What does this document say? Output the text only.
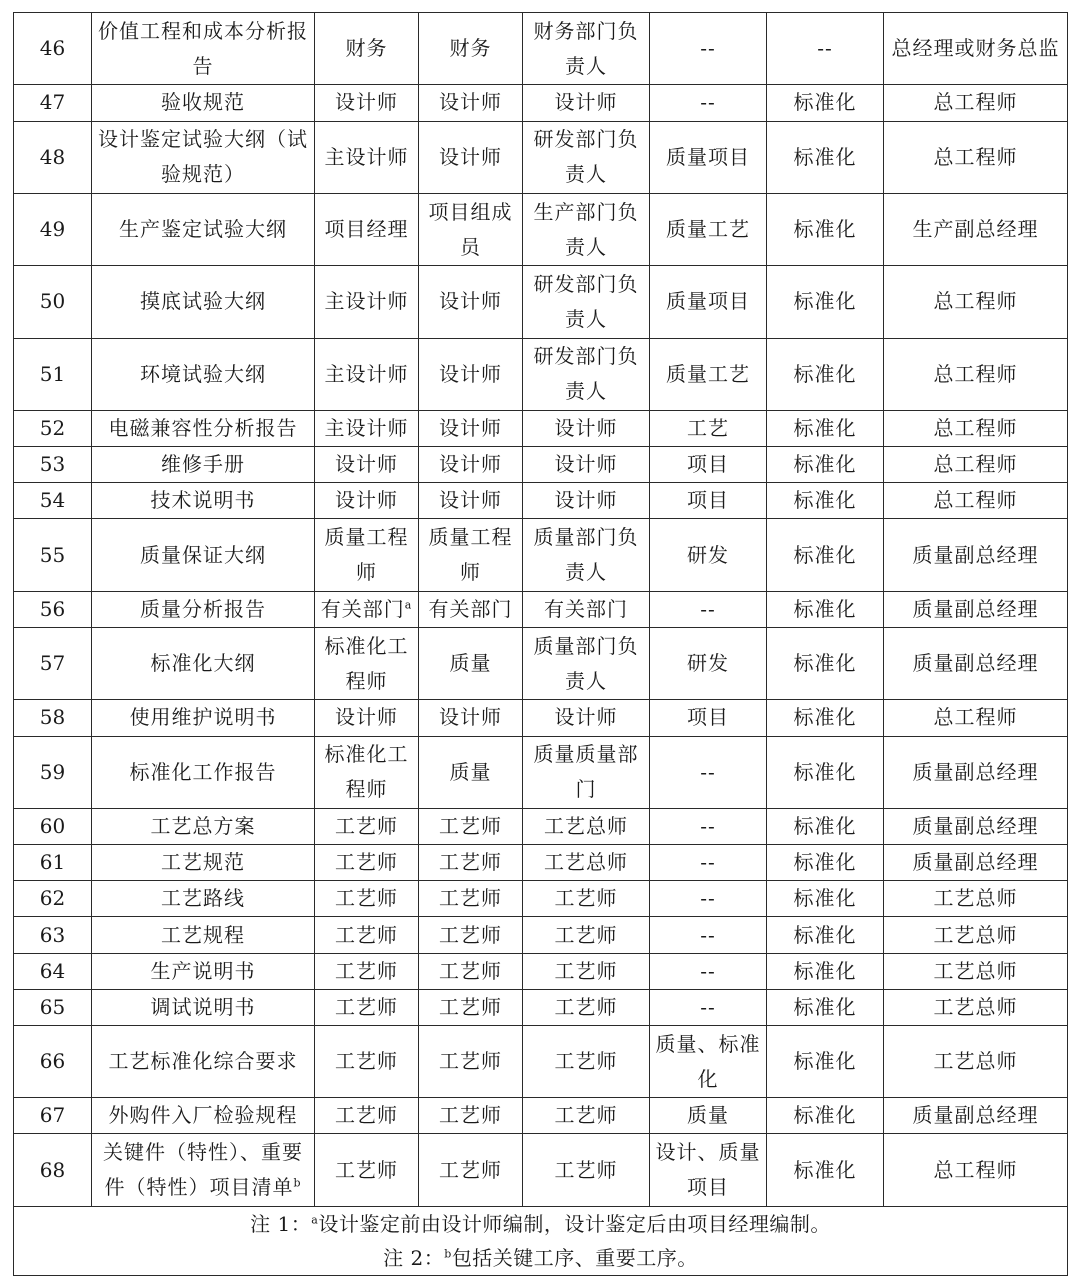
46	价值工程和成本分析报告	财务	财务	财务部门负责人	--	--	总经理或财务总监
47	验收规范	设计师	设计师	设计师	--	标准化	总工程师
48	设计鉴定试验大纲（试验规范）	主设计师	设计师	研发部门负责人	质量项目	标准化	总工程师
49	生产鉴定试验大纲	项目经理	项目组成员	生产部门负责人	质量工艺	标准化	生产副总经理
50	摸底试验大纲	主设计师	设计师	研发部门负责人	质量项目	标准化	总工程师
51	环境试验大纲	主设计师	设计师	研发部门负责人	质量工艺	标准化	总工程师
52	电磁兼容性分析报告	主设计师	设计师	设计师	工艺	标准化	总工程师
53	维修手册	设计师	设计师	设计师	项目	标准化	总工程师
54	技术说明书	设计师	设计师	设计师	项目	标准化	总工程师
55	质量保证大纲	质量工程师	质量工程师	质量部门负责人	研发	标准化	质量副总经理
56	质量分析报告	有关部门$^a$	有关部门	有关部门	--	标准化	质量副总经理
57	标准化大纲	标准化工程师	质量	质量部门负责人	研发	标准化	质量副总经理
58	使用维护说明书	设计师	设计师	设计师	项目	标准化	总工程师
59	标准化工作报告	标准化工程师	质量	质量质量部门	--	标准化	质量副总经理
60	工艺总方案	工艺师	工艺师	工艺总师	--	标准化	质量副总经理
61	工艺规范	工艺师	工艺师	工艺总师	--	标准化	质量副总经理
62	工艺路线	工艺师	工艺师	工艺师	--	标准化	工艺总师
63	工艺规程	工艺师	工艺师	工艺师	--	标准化	工艺总师
64	生产说明书	工艺师	工艺师	工艺师	--	标准化	工艺总师
65	调试说明书	工艺师	工艺师	工艺师	--	标准化	工艺总师
66	工艺标准化综合要求	工艺师	工艺师	工艺师	质量、标准化	标准化	工艺总师
67	外购件入厂检验规程	工艺师	工艺师	工艺师	质量	标准化	质量副总经理
68	关键件（特性）、重要件（特性）项目清单$^b$	工艺师	工艺师	工艺师	设计、质量项目	标准化	总工程师

注 1：$^a$设计鉴定前由设计师编制，设计鉴定后由项目经理编制。
注 2：$^b$包括关键工序、重要工序。							
